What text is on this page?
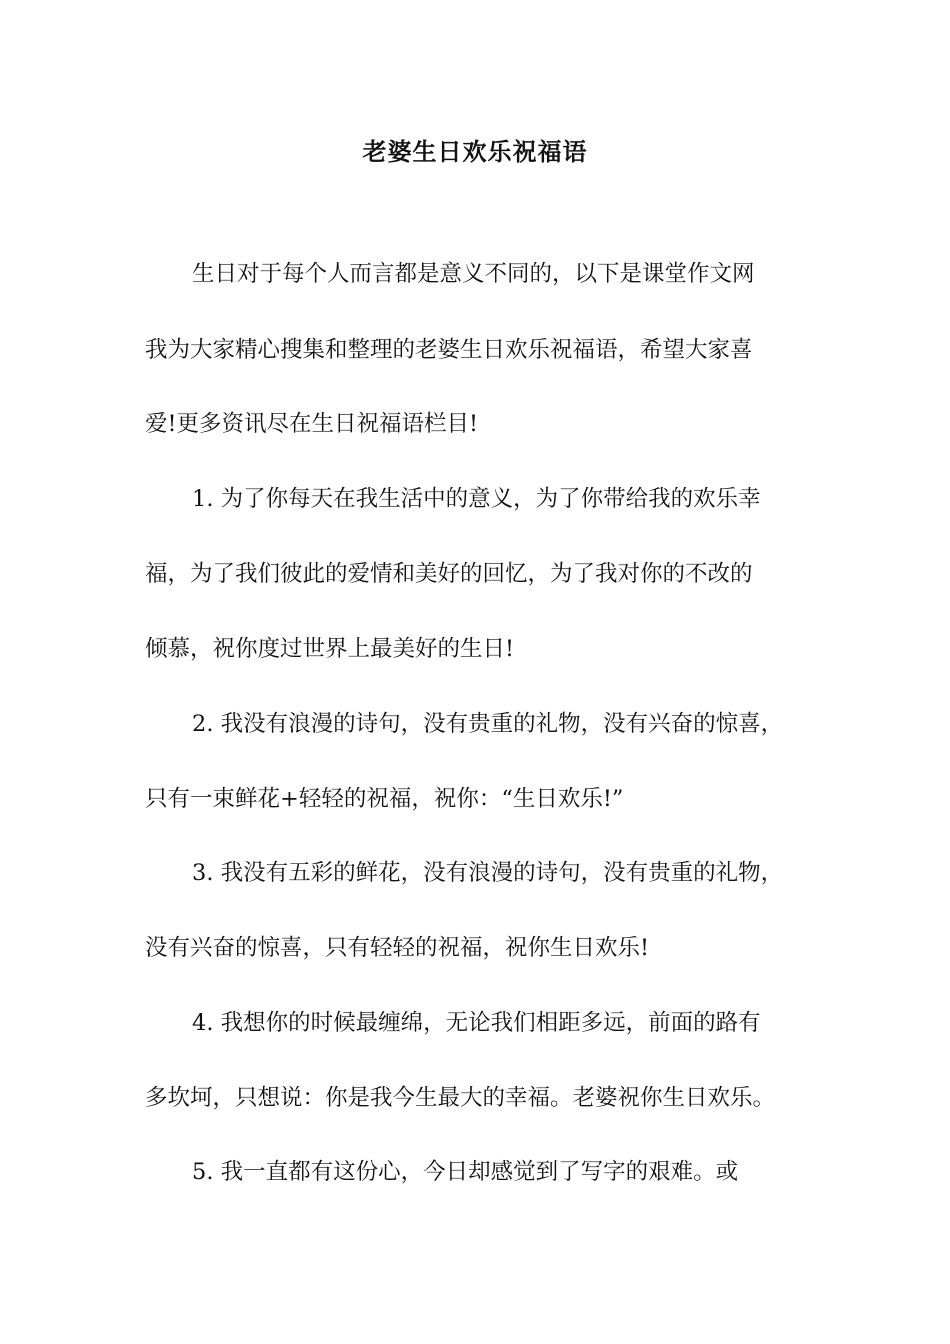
老婆生日欢乐祝福语
生日对于每个人而言都是意义不同的，以下是课堂作文网
我为大家精心搜集和整理的老婆生日欢乐祝福语，希望大家喜
爱!更多资讯尽在生日祝福语栏目!
1. 为了你每天在我生活中的意义，为了你带给我的欢乐幸
福，为了我们彼此的爱情和美好的回忆，为了我对你的不改的
倾慕，祝你度过世界上最美好的生日!
2. 我没有浪漫的诗句，没有贵重的礼物，没有兴奋的惊喜，
只有一束鲜花+轻轻的祝福，祝你：“生日欢乐!”
3. 我没有五彩的鲜花，没有浪漫的诗句，没有贵重的礼物，
没有兴奋的惊喜，只有轻轻的祝福，祝你生日欢乐!
4. 我想你的时候最缠绵，无论我们相距多远，前面的路有
多坎坷，只想说：你是我今生最大的幸福。老婆祝你生日欢乐。
5. 我一直都有这份心，今日却感觉到了写字的艰难。或
